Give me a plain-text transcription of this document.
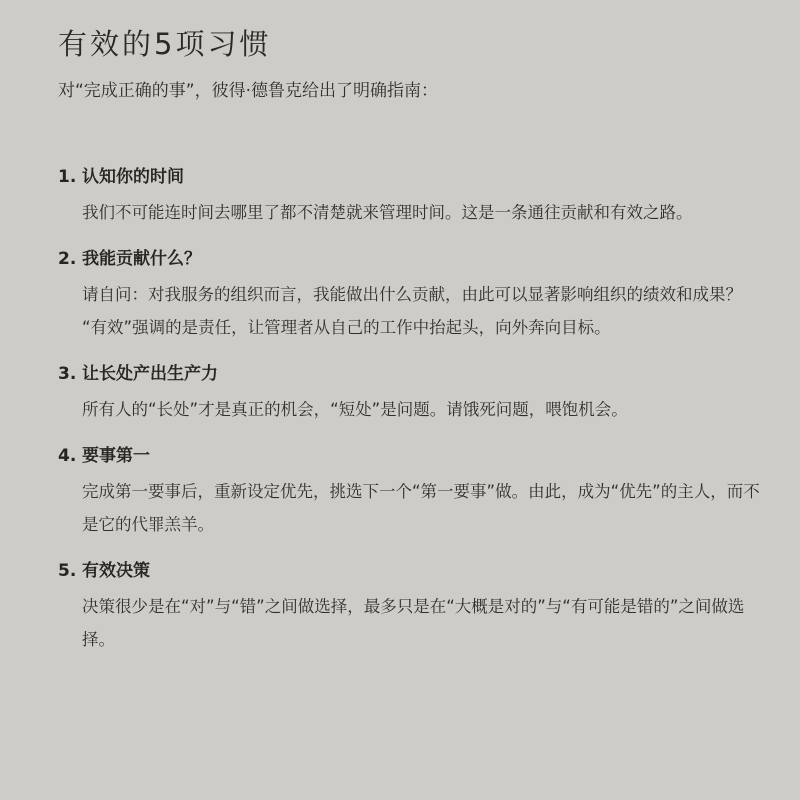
有效的5项习惯
对“完成正确的事”，彼得·德鲁克给出了明确指南：
1. 认知你的时间
我们不可能连时间去哪里了都不清楚就来管理时间。这是一条通往贡献和有效之路。
2. 我能贡献什么？
请自问：对我服务的组织而言，我能做出什么贡献，由此可以显著影响组织的绩效和成果？
“有效”强调的是责任，让管理者从自己的工作中抬起头，向外奔向目标。
3. 让长处产出生产力
所有人的“长处”才是真正的机会，“短处”是问题。请饿死问题，喂饱机会。
4. 要事第一
完成第一要事后，重新设定优先，挑选下一个“第一要事”做。由此，成为“优先”的主人，而不是它的代罪羔羊。
5. 有效决策
决策很少是在“对”与“错”之间做选择，最多只是在“大概是对的”与“有可能是错的”之间做选择。
